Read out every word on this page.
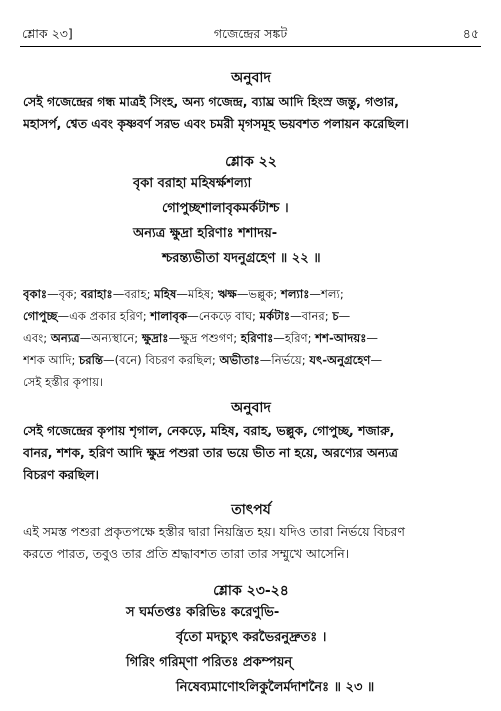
শ্লোক ২৩]	গজেন্দ্রের সঙ্কট	৪৫
অনুবাদ
সেই গজেন্দ্রের গন্ধ মাত্রই সিংহ, অন্য গজেন্দ্র, ব্যাঘ্র আদি হিংস্র জন্তু, গণ্ডার,
মহাসর্প, শ্বেত এবং কৃষ্ণবর্ণ সরভ এবং চমরী মৃগসমূহ ভয়বশত পলায়ন করেছিল।
শ্লোক ২২
বৃকা বরাহা মহিষর্ক্ষশল্যা
গোপুচ্ছশালাবৃকমর্কটাশ্চ ।
অন্যত্র ক্ষুদ্রা হরিণাঃ শশাদয়-
শ্চরন্ত্যভীতা যদনুগ্রহেণ ॥ ২২ ॥
বৃকাঃ—বৃক; বরাহাঃ—বরাহ; মহিষ—মহিষ; ঋক্ষ—ভল্লুক; শল্যাঃ—শল্য;
গোপুচ্ছ—এক প্রকার হরিণ; শালাবৃক—নেকড়ে বাঘ; মর্কটাঃ—বানর; চ—
এবং; অন্যত্র—অন্যস্থানে; ক্ষুদ্রাঃ—ক্ষুদ্র পশুগণ; হরিণাঃ—হরিণ; শশ-আদয়ঃ—
শশক আদি; চরন্তি—(বনে) বিচরণ করছিল; অভীতাঃ—নির্ভয়ে; যৎ-অনুগ্রহেণ—
সেই হস্তীর কৃপায়।
অনুবাদ
সেই গজেন্দ্রের কৃপায় শৃগাল, নেকড়ে, মহিষ, বরাহ, ভল্লুক, গোপুচ্ছ, শজারু,
বানর, শশক, হরিণ আদি ক্ষুদ্র পশুরা তার ভয়ে ভীত না হয়ে, অরণ্যের অন্যত্র
বিচরণ করছিল।
তাৎপর্য
এই সমস্ত পশুরা প্রকৃতপক্ষে হস্তীর দ্বারা নিয়ন্ত্রিত হয়। যদিও তারা নির্ভয়ে বিচরণ
করতে পারত, তবুও তার প্রতি শ্রদ্ধাবশত তারা তার সম্মুখে আসেনি।
শ্লোক ২৩-২৪
স ঘর্মতপ্তঃ করিভিঃ করেণুভি-
র্বৃতো মদচ্যুৎ করভৈরনুদ্রুতঃ ।
গিরিং গরিম্ণা পরিতঃ প্রকম্পয়ন্
নিষেব্যমাণোঽলিকুলৈর্মদাশনৈঃ ॥ ২৩ ॥
